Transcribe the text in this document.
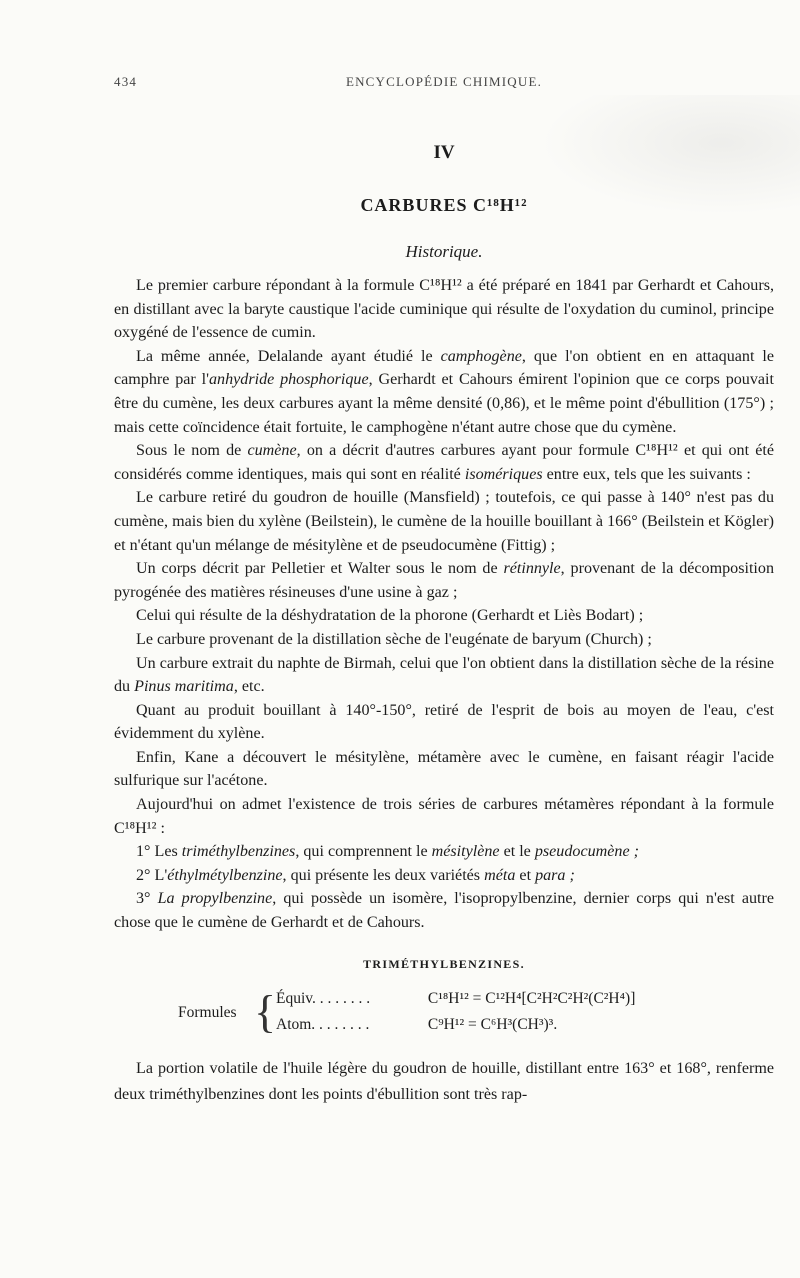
434	ENCYCLOPÉDIE CHIMIQUE.
IV
CARBURES C¹⁸H¹²
Historique.

Le premier carbure répondant à la formule C¹⁸H¹² a été préparé en 1841 par Gerhardt et Cahours, en distillant avec la baryte caustique l'acide cuminique qui résulte de l'oxydation du cuminol, principe oxygéné de l'essence de cumin.

La même année, Delalande ayant étudié le camphogène, que l'on obtient en en attaquant le camphre par l'anhydride phosphorique, Gerhardt et Cahours émirent l'opinion que ce corps pouvait être du cumène, les deux carbures ayant la même densité (0,86), et le même point d'ébullition (175°) ; mais cette coïncidence était fortuite, le camphogène n'étant autre chose que du cymène.

Sous le nom de cumène, on a décrit d'autres carbures ayant pour formule C¹⁸H¹² et qui ont été considérés comme identiques, mais qui sont en réalité isomériques entre eux, tels que les suivants :

Le carbure retiré du goudron de houille (Mansfield) ; toutefois, ce qui passe à 140° n'est pas du cumène, mais bien du xylène (Beilstein), le cumène de la houille bouillant à 166° (Beilstein et Kögler) et n'étant qu'un mélange de mésitylène et de pseudocumène (Fittig) ;

Un corps décrit par Pelletier et Walter sous le nom de rétinnyle, provenant de la décomposition pyrogénée des matières résineuses d'une usine à gaz ;

Celui qui résulte de la déshydratation de la phorone (Gerhardt et Liès Bodart) ;

Le carbure provenant de la distillation sèche de l'eugénate de baryum (Church) ;

Un carbure extrait du naphte de Birmah, celui que l'on obtient dans la distillation sèche de la résine du Pinus maritima, etc.

Quant au produit bouillant à 140°-150°, retiré de l'esprit de bois au moyen de l'eau, c'est évidemment du xylène.

Enfin, Kane a découvert le mésitylène, métamère avec le cumène, en faisant réagir l'acide sulfurique sur l'acétone.

Aujourd'hui on admet l'existence de trois séries de carbures métamères répondant à la formule C¹⁸H¹² :

1° Les triméthylbenzines, qui comprennent le mésitylène et le pseudocumène ;

2° L'éthylmétylbenzine, qui présente les deux variétés méta et para ;

3° La propylbenzine, qui possède un isomère, l'isopropylbenzine, dernier corps qui n'est autre chose que le cumène de Gerhardt et de Cahours.

TRIMÉTHYLBENZINES.
Formules { Équiv. . . . . . . .	C¹⁸H¹² = C¹²H⁴[C²H²C²H²(C²H⁴)]
Atom. . . . . . . .	C⁹H¹² = C⁶H³(CH³)³.

La portion volatile de l'huile légère du goudron de houille, distillant entre 163° et 168°, renferme deux triméthylbenzines dont les points d'ébullition sont très rap-
